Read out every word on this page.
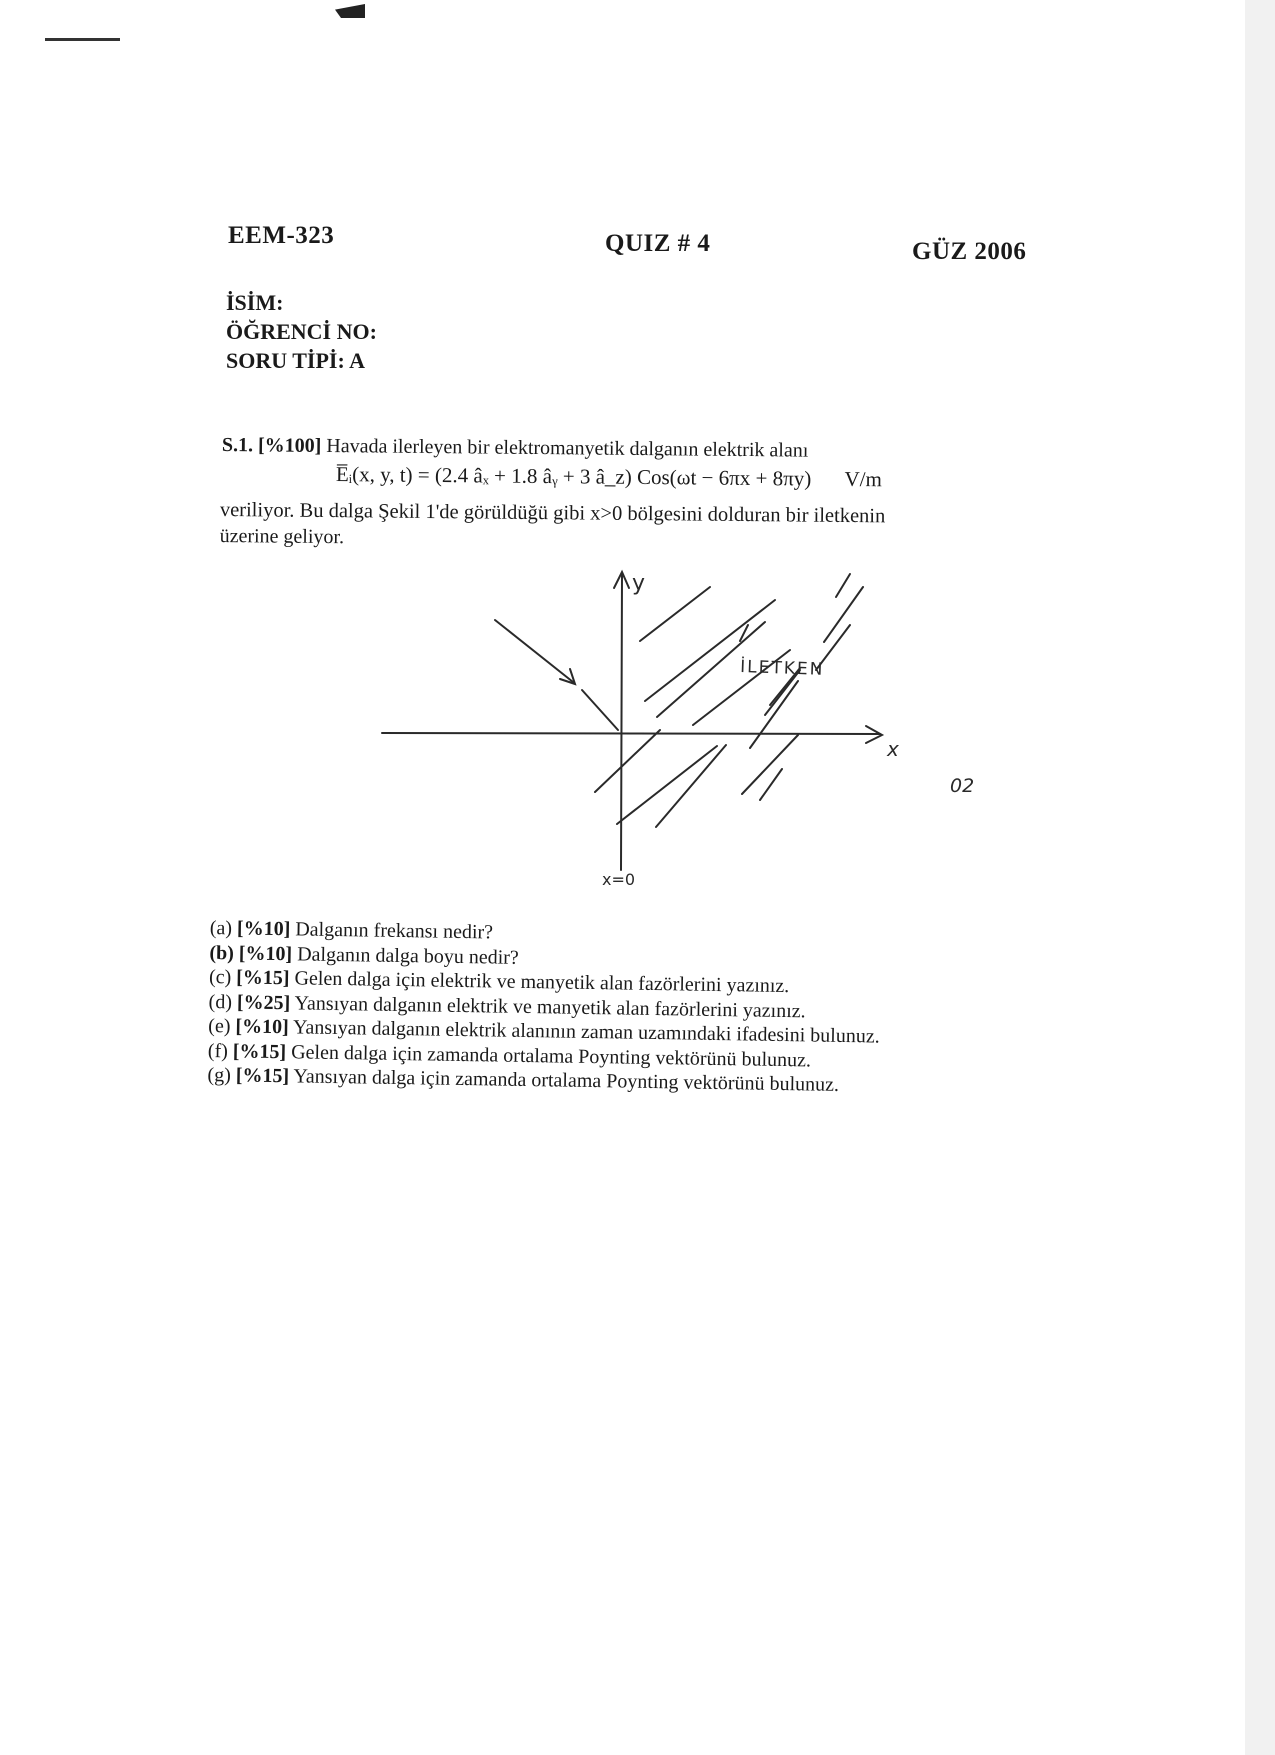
EEM-323	QUIZ # 4	GÜZ 2006
İSİM:
ÖĞRENCİ NO:
SORU TİPİ: A
S.1. [%100] Havada ilerleyen bir elektromanyetik dalganın elektrik alanı
E̅ᵢ(x, y, t) = (2.4 âₓ + 1.8 âᵧ + 3 â_z) Cos(ωt − 6πx + 8πy) V/m
veriliyor. Bu dalga Şekil 1'de görüldüğü gibi x>0 bölgesini dolduran bir iletkenin
üzerine geliyor.
y
x
İLETKEN
x=0
02
(a) [%10] Dalganın frekansı nedir?
(b) [%10] Dalganın dalga boyu nedir?
(c) [%15] Gelen dalga için elektrik ve manyetik alan fazörlerini yazınız.
(d) [%25] Yansıyan dalganın elektrik ve manyetik alan fazörlerini yazınız.
(e) [%10] Yansıyan dalganın elektrik alanının zaman uzamındaki ifadesini bulunuz.
(f) [%15] Gelen dalga için zamanda ortalama Poynting vektörünü bulunuz.
(g) [%15] Yansıyan dalga için zamanda ortalama Poynting vektörünü bulunuz.
